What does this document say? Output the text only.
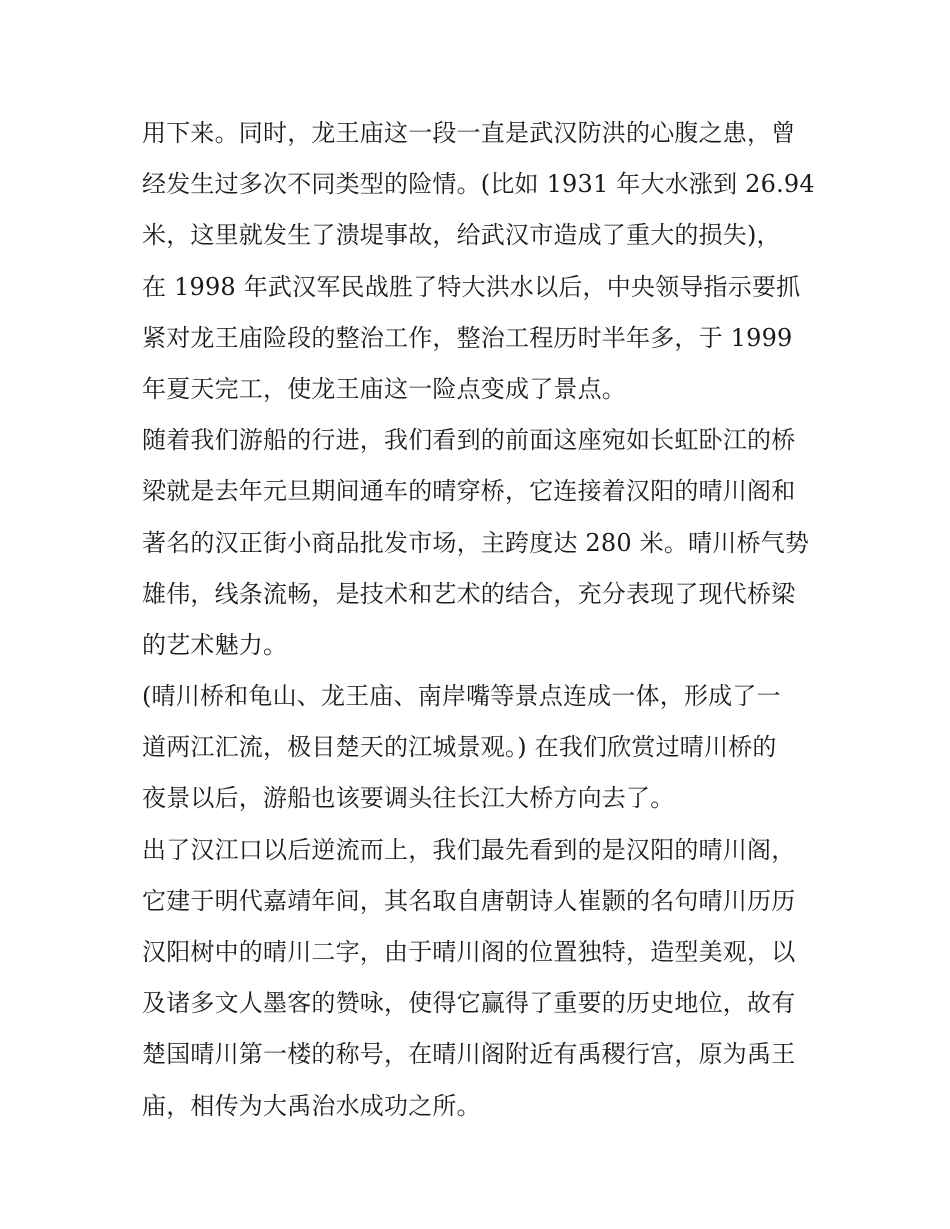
用下来。同时，龙王庙这一段一直是武汉防洪的心腹之患，曾
经发生过多次不同类型的险情。(比如 1931 年大水涨到 26.94
米，这里就发生了溃堤事故，给武汉市造成了重大的损失)，
在 1998 年武汉军民战胜了特大洪水以后，中央领导指示要抓
紧对龙王庙险段的整治工作，整治工程历时半年多，于 1999
年夏天完工，使龙王庙这一险点变成了景点。
随着我们游船的行进，我们看到的前面这座宛如长虹卧江的桥
梁就是去年元旦期间通车的晴穿桥，它连接着汉阳的晴川阁和
著名的汉正街小商品批发市场，主跨度达 280 米。晴川桥气势
雄伟，线条流畅，是技术和艺术的结合，充分表现了现代桥梁
的艺术魅力。
(晴川桥和龟山、龙王庙、南岸嘴等景点连成一体，形成了一
道两江汇流，极目楚天的江城景观。) 在我们欣赏过晴川桥的
夜景以后，游船也该要调头往长江大桥方向去了。
出了汉江口以后逆流而上，我们最先看到的是汉阳的晴川阁，
它建于明代嘉靖年间，其名取自唐朝诗人崔颢的名句晴川历历
汉阳树中的晴川二字，由于晴川阁的位置独特，造型美观，以
及诸多文人墨客的赞咏，使得它赢得了重要的历史地位，故有
楚国晴川第一楼的称号，在晴川阁附近有禹稷行宫，原为禹王
庙，相传为大禹治水成功之所。
